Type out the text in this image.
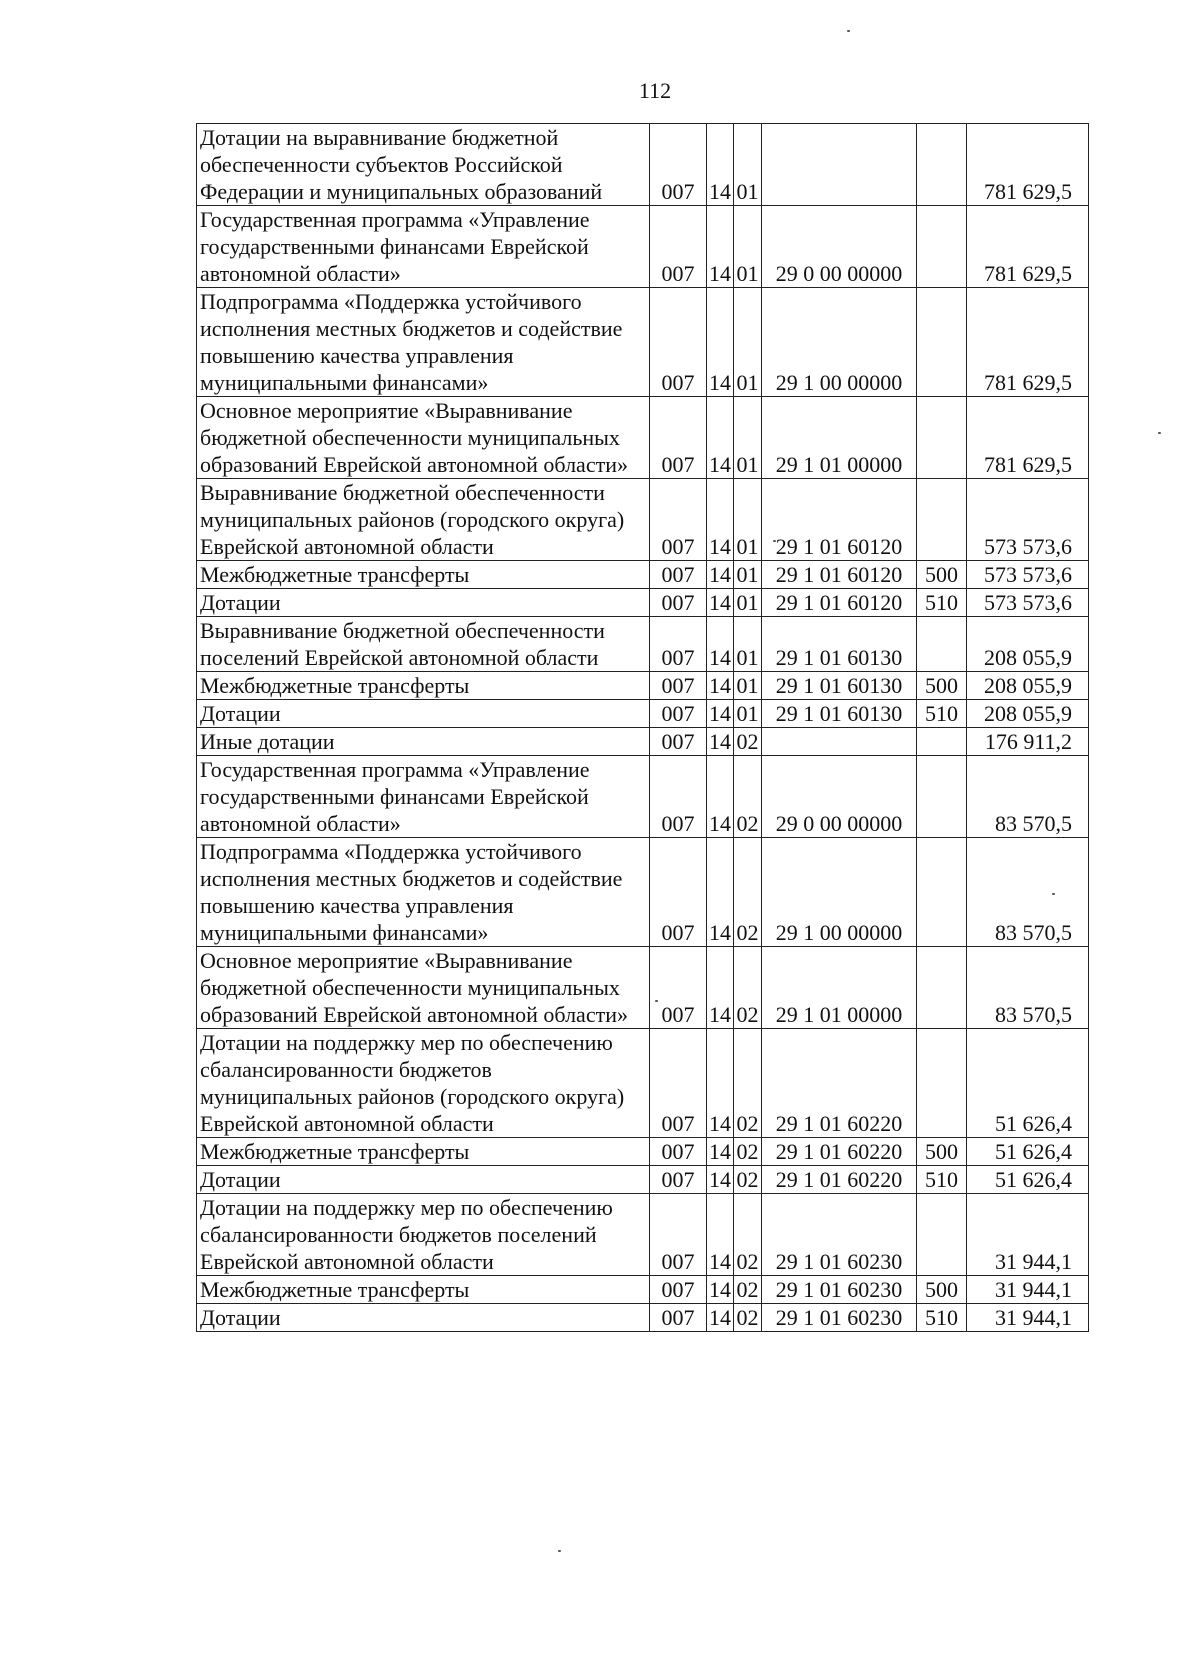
112
Дотации на выравнивание бюджетной обеспеченности субъектов Российской Федерации и муниципальных образований	007	14	01			781 629,5
Государственная программа «Управление государственными финансами Еврейской автономной области»	007	14	01	29 0 00 00000		781 629,5
Подпрограмма «Поддержка устойчивого исполнения местных бюджетов и содействие повышению качества управления муниципальными финансами»	007	14	01	29 1 00 00000		781 629,5
Основное мероприятие «Выравнивание бюджетной обеспеченности муниципальных образований Еврейской автономной области»	007	14	01	29 1 01 00000		781 629,5
Выравнивание бюджетной обеспеченности муниципальных районов (городского округа) Еврейской автономной области	007	14	01	29 1 01 60120		573 573,6
Межбюджетные трансферты	007	14	01	29 1 01 60120	500	573 573,6
Дотации	007	14	01	29 1 01 60120	510	573 573,6
Выравнивание бюджетной обеспеченности поселений Еврейской автономной области	007	14	01	29 1 01 60130		208 055,9
Межбюджетные трансферты	007	14	01	29 1 01 60130	500	208 055,9
Дотации	007	14	01	29 1 01 60130	510	208 055,9
Иные дотации	007	14	02			176 911,2
Государственная программа «Управление государственными финансами Еврейской автономной области»	007	14	02	29 0 00 00000		83 570,5
Подпрограмма «Поддержка устойчивого исполнения местных бюджетов и содействие повышению качества управления муниципальными финансами»	007	14	02	29 1 00 00000		83 570,5
Основное мероприятие «Выравнивание бюджетной обеспеченности муниципальных образований Еврейской автономной области»	007	14	02	29 1 01 00000		83 570,5
Дотации на поддержку мер по обеспечению сбалансированности бюджетов муниципальных районов (городского округа) Еврейской автономной области	007	14	02	29 1 01 60220		51 626,4
Межбюджетные трансферты	007	14	02	29 1 01 60220	500	51 626,4
Дотации	007	14	02	29 1 01 60220	510	51 626,4
Дотации на поддержку мер по обеспечению сбалансированности бюджетов поселений Еврейской автономной области	007	14	02	29 1 01 60230		31 944,1
Межбюджетные трансферты	007	14	02	29 1 01 60230	500	31 944,1
Дотации	007	14	02	29 1 01 60230	510	31 944,1
